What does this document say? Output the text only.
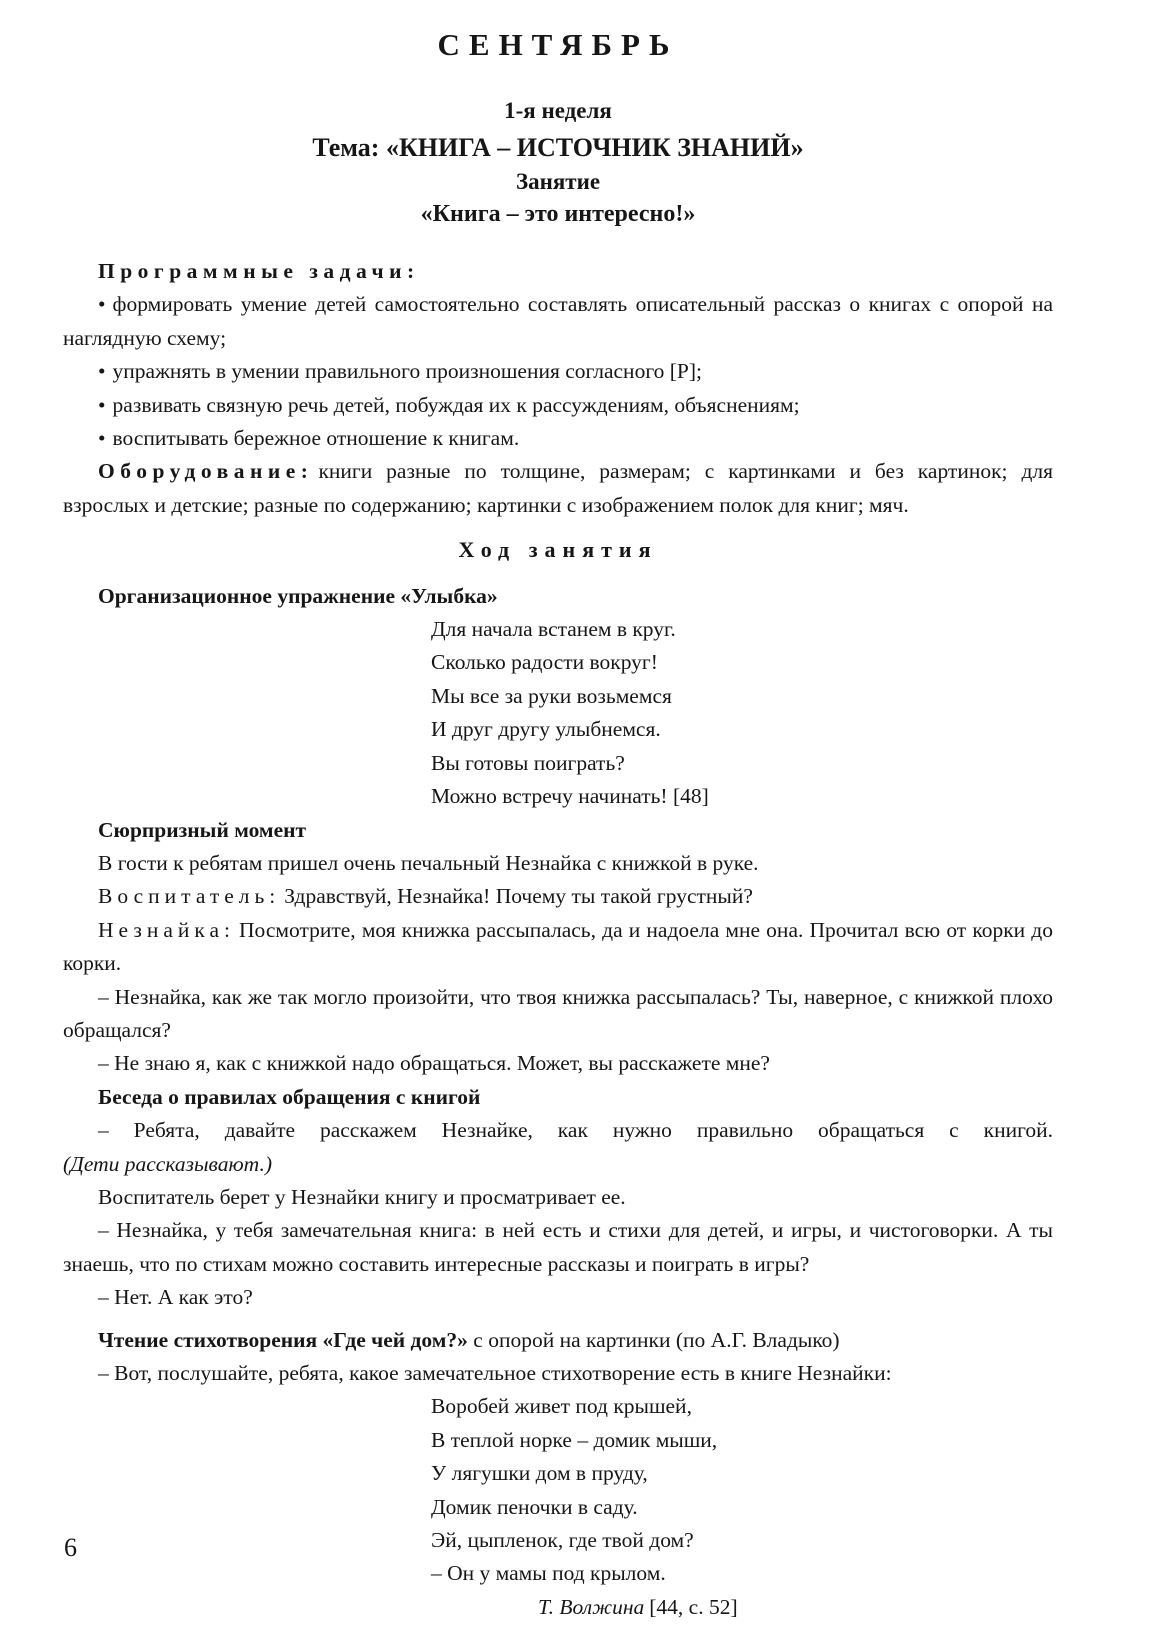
СЕНТЯБРЬ

1-я неделя

Тема: «КНИГА – ИСТОЧНИК ЗНАНИЙ»

Занятие

«Книга – это интересно!»

Программные задачи:

• формировать умение детей самостоятельно составлять описательный рассказ о книгах с опорой на наглядную схему;

• упражнять в умении правильного произношения согласного [Р];

• развивать связную речь детей, побуждая их к рассуждениям, объяснениям;

• воспитывать бережное отношение к книгам.

Оборудование: книги разные по толщине, размерам; с картинками и без картинок; для взрослых и детские; разные по содержанию; картинки с изображением полок для книг; мяч.

Ход занятия

Организационное упражнение «Улыбка»

Для начала встанем в круг.

Сколько радости вокруг!

Мы все за руки возьмемся

И друг другу улыбнемся.

Вы готовы поиграть?

Можно встречу начинать! [48]

Сюрпризный момент

В гости к ребятам пришел очень печальный Незнайка с книжкой в руке.

Воспитатель: Здравствуй, Незнайка! Почему ты такой грустный?

Незнайка: Посмотрите, моя книжка рассыпалась, да и надоела мне она. Прочитал всю от корки до корки.

– Незнайка, как же так могло произойти, что твоя книжка рассыпалась? Ты, наверное, с книжкой плохо обращался?

– Не знаю я, как с книжкой надо обращаться. Может, вы расскажете мне?

Беседа о правилах обращения с книгой

– Ребята, давайте расскажем Незнайке, как нужно правильно обращаться с книгой.

(Дети рассказывают.)

Воспитатель берет у Незнайки книгу и просматривает ее.

– Незнайка, у тебя замечательная книга: в ней есть и стихи для детей, и игры, и чистоговорки. А ты знаешь, что по стихам можно составить интересные рассказы и поиграть в игры?

– Нет. А как это?

Чтение стихотворения «Где чей дом?» с опорой на картинки (по А.Г. Владыко)

– Вот, послушайте, ребята, какое замечательное стихотворение есть в книге Незнайки:

Воробей живет под крышей,

В теплой норке – домик мыши,

У лягушки дом в пруду,

Домик пеночки в саду.

Эй, цыпленок, где твой дом?

– Он у мамы под крылом.

Т. Волжина [44, с. 52]

6
